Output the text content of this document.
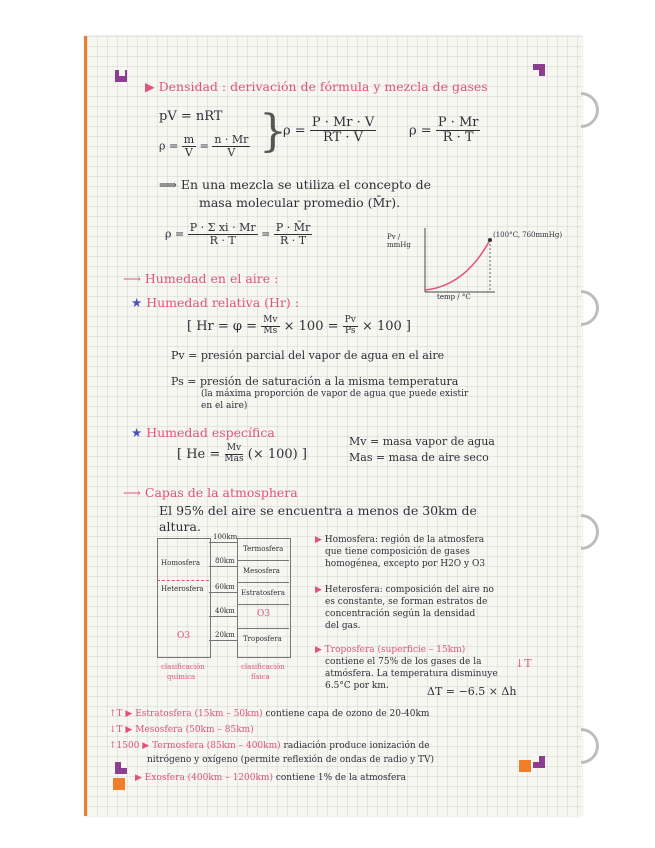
▶ Densidad : derivación de fórmula y mezcla de gases
pV = nRT
$\rho = \frac{m}{V} = \frac{n \cdot Mr}{V}$ }
$\rho = \frac{P \cdot Mr \cdot V}{RT \cdot V}$	$\rho = \frac{P \cdot Mr}{R \cdot T}$
⟹ En una mezcla se utiliza el concepto de
masa molecular promedio (M̄r).
$\rho = \frac{\text{P · Σ xi · Mr}}{R \cdot T} = \frac{P \cdot M̄r}{R \cdot T}$	Pv / mmHg
temp / °C
(100°C, 760mmHg)
⟶ Humedad en el aire :
★ Humedad relativa (Hr) :
[ $Hr = \varphi = \frac{Mv}{Ms} \times 100 = \frac{Pv}{Ps} \times 100$ ]
Pv = presión parcial del vapor de agua en el aire
Ps = presión de saturación a la misma temperatura
(la máxima proporción de vapor de agua que puede existir
en el aire)
★ Humedad específica
[ $He = \frac{Mv}{\text{Mas}}$ (× 100) ]
Mv = masa vapor de agua
Mas = masa de aire seco
⟶ Capas de la atmosphera
El 95% del aire se encuentra a menos de 30km de
altura.
Homosfera
Heterosfera
O3
clasificación
química
100km
80km
60km
40km
20km
Termosfera
Mesosfera
Estratosfera
O3
Troposfera
clasificación
física
▶ Homosfera: región de la atmosfera
que tiene composición de gases
homogénea, excepto por H2O y O3
▶ Heterosfera: composición del aire no
es constante, se forman estratos de
concentración según la densidad
del gas.
▶ Troposfera (superficie – 15km)
contiene el 75% de los gases de la
atmósfera. La temperatura disminuye
6.5°C por km.
↓T
ΔT = −6.5 × Δh
↑T ▶ Estratosfera (15km – 50km) contiene capa de ozono de 20-40km
↓T ▶ Mesosfera (50km – 85km)
↑1500 ▶ Termosfera (85km – 400km) radiación produce ionización de
nitrógeno y oxígeno (permite reflexión de ondas de radio y TV)
▶ Exosfera (400km – 1200km) contiene 1% de la atmosfera
